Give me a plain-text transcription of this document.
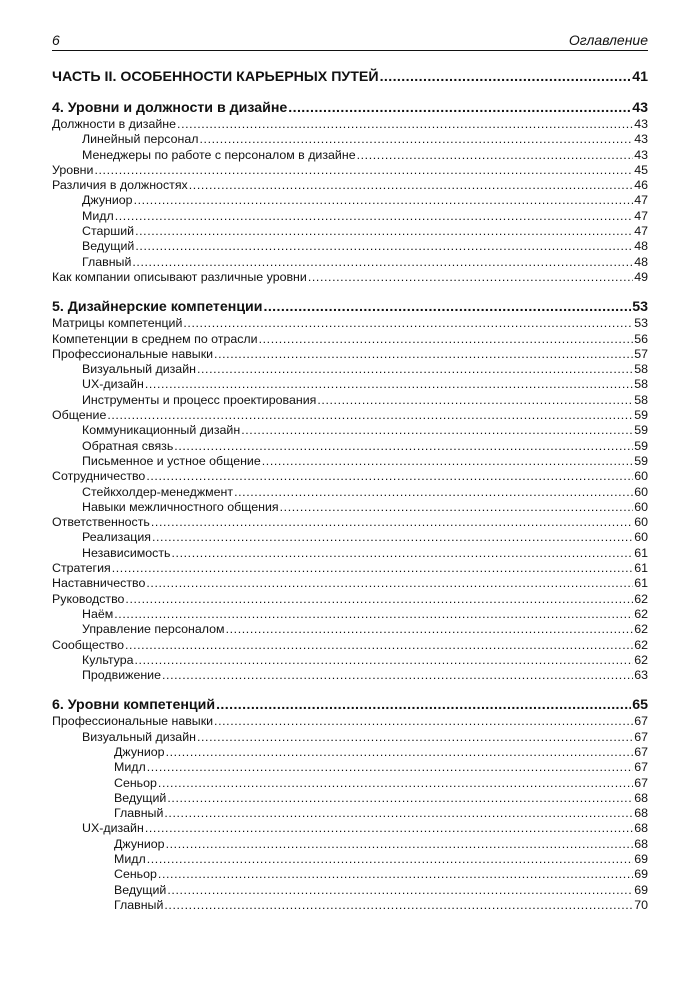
6	Оглавление
ЧАСТЬ II. ОСОБЕННОСТИ КАРЬЕРНЫХ ПУТЕЙ .....	41
4. Уровни и должности в дизайне .....	43
Должности в дизайне .....	43
Линейный персонал .....	43
Менеджеры по работе с персоналом в дизайне .....	43
Уровни .....	45
Различия в должностях .....	46
Джуниор .....	47
Мидл .....	47
Старший .....	47
Ведущий .....	48
Главный .....	48
Как компании описывают различные уровни .....	49
5. Дизайнерские компетенции .....	53
Матрицы компетенций .....	53
Компетенции в среднем по отрасли .....	56
Профессиональные навыки .....	57
Визуальный дизайн .....	58
UX-дизайн .....	58
Инструменты и процесс проектирования .....	58
Общение .....	59
Коммуникационный дизайн .....	59
Обратная связь .....	59
Письменное и устное общение .....	59
Сотрудничество .....	60
Стейкхолдер-менеджмент .....	60
Навыки межличностного общения .....	60
Ответственность .....	60
Реализация .....	60
Независимость .....	61
Стратегия .....	61
Наставничество .....	61
Руководство .....	62
Наём .....	62
Управление персоналом .....	62
Сообщество .....	62
Культура .....	62
Продвижение .....	63
6. Уровни компетенций .....	65
Профессиональные навыки .....	67
Визуальный дизайн .....	67
Джуниор .....	67
Мидл .....	67
Сеньор .....	67
Ведущий .....	68
Главный .....	68
UX-дизайн .....	68
Джуниор .....	68
Мидл .....	69
Сеньор .....	69
Ведущий .....	69
Главный .....	70
